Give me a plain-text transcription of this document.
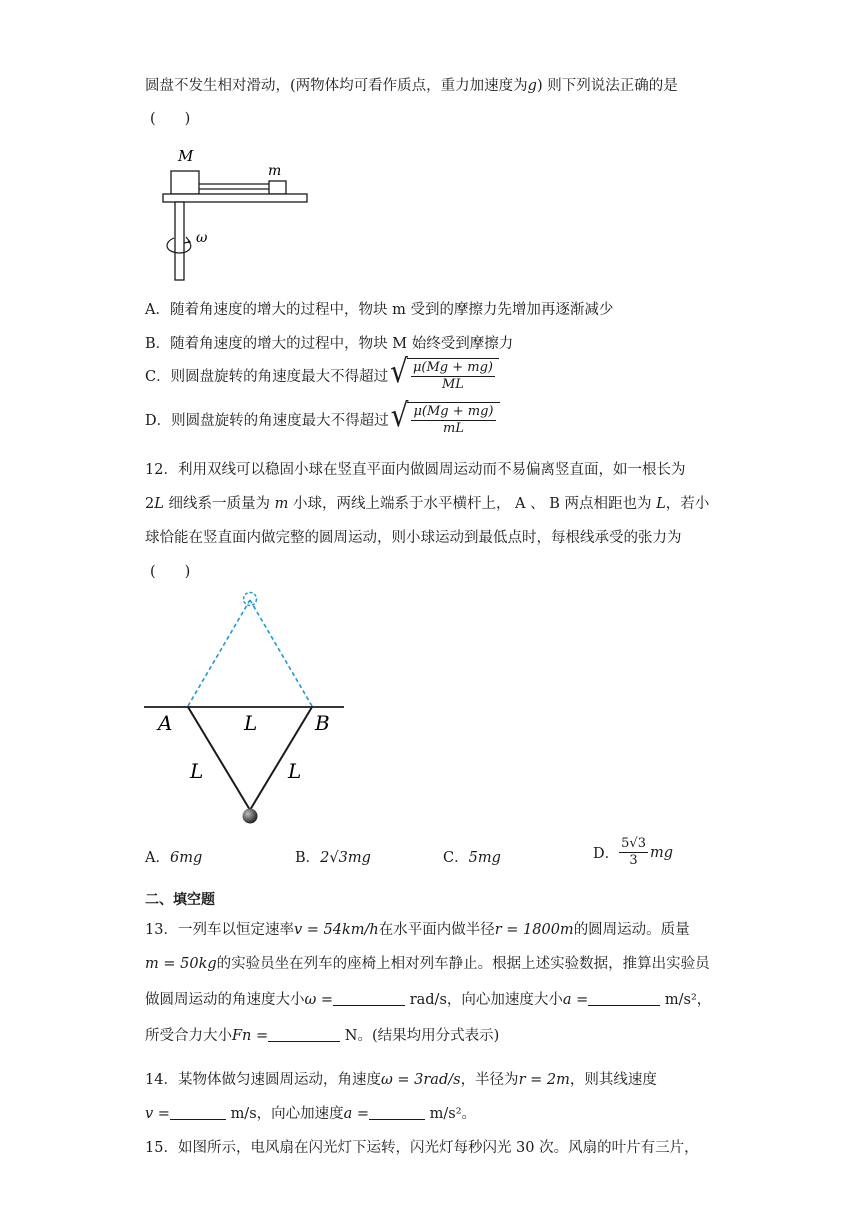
圆盘不发生相对滑动，(两物体均可看作质点，重力加速度为g) 则下列说法正确的是
(　　)
M
m
ω
A．随着角速度的增大的过程中，物块 m 受到的摩擦力先增加再逐渐减少
B．随着角速度的增大的过程中，物块 M 始终受到摩擦力
C．则圆盘旋转的角速度最大不得超过 √ $\frac{\mu(Mg + mg)}{ML}$
D．则圆盘旋转的角速度最大不得超过 √ $\frac{\mu(Mg + mg)}{mL}$
12．利用双线可以稳固小球在竖直平面内做圆周运动而不易偏离竖直面，如一根长为
2L 细线系一质量为 m 小球，两线上端系于水平横杆上， A 、 B 两点相距也为 L，若小
球恰能在竖直面内做完整的圆周运动，则小球运动到最低点时，每根线承受的张力为
(　　)
A	L	B
L	L
A．6mg	B．2√3mg	C．5mg	D． $\frac{5√3}{3}$ mg
二、填空题
13．一列车以恒定速率v = 54km/h在水平面内做半径r = 1800m的圆周运动。质量
m = 50kg的实验员坐在列车的座椅上相对列车静止。根据上述实验数据，推算出实验员
做圆周运动的角速度大小ω =	rad/s，向心加速度大小a =	m/s²，
所受合力大小Fn =	N。(结果均用分式表示)
14．某物体做匀速圆周运动，角速度ω = 3rad/s，半径为r = 2m，则其线速度
v =	m/s，向心加速度a =	m/s²。
15．如图所示，电风扇在闪光灯下运转，闪光灯每秒闪光 30 次。风扇的叶片有三片，
